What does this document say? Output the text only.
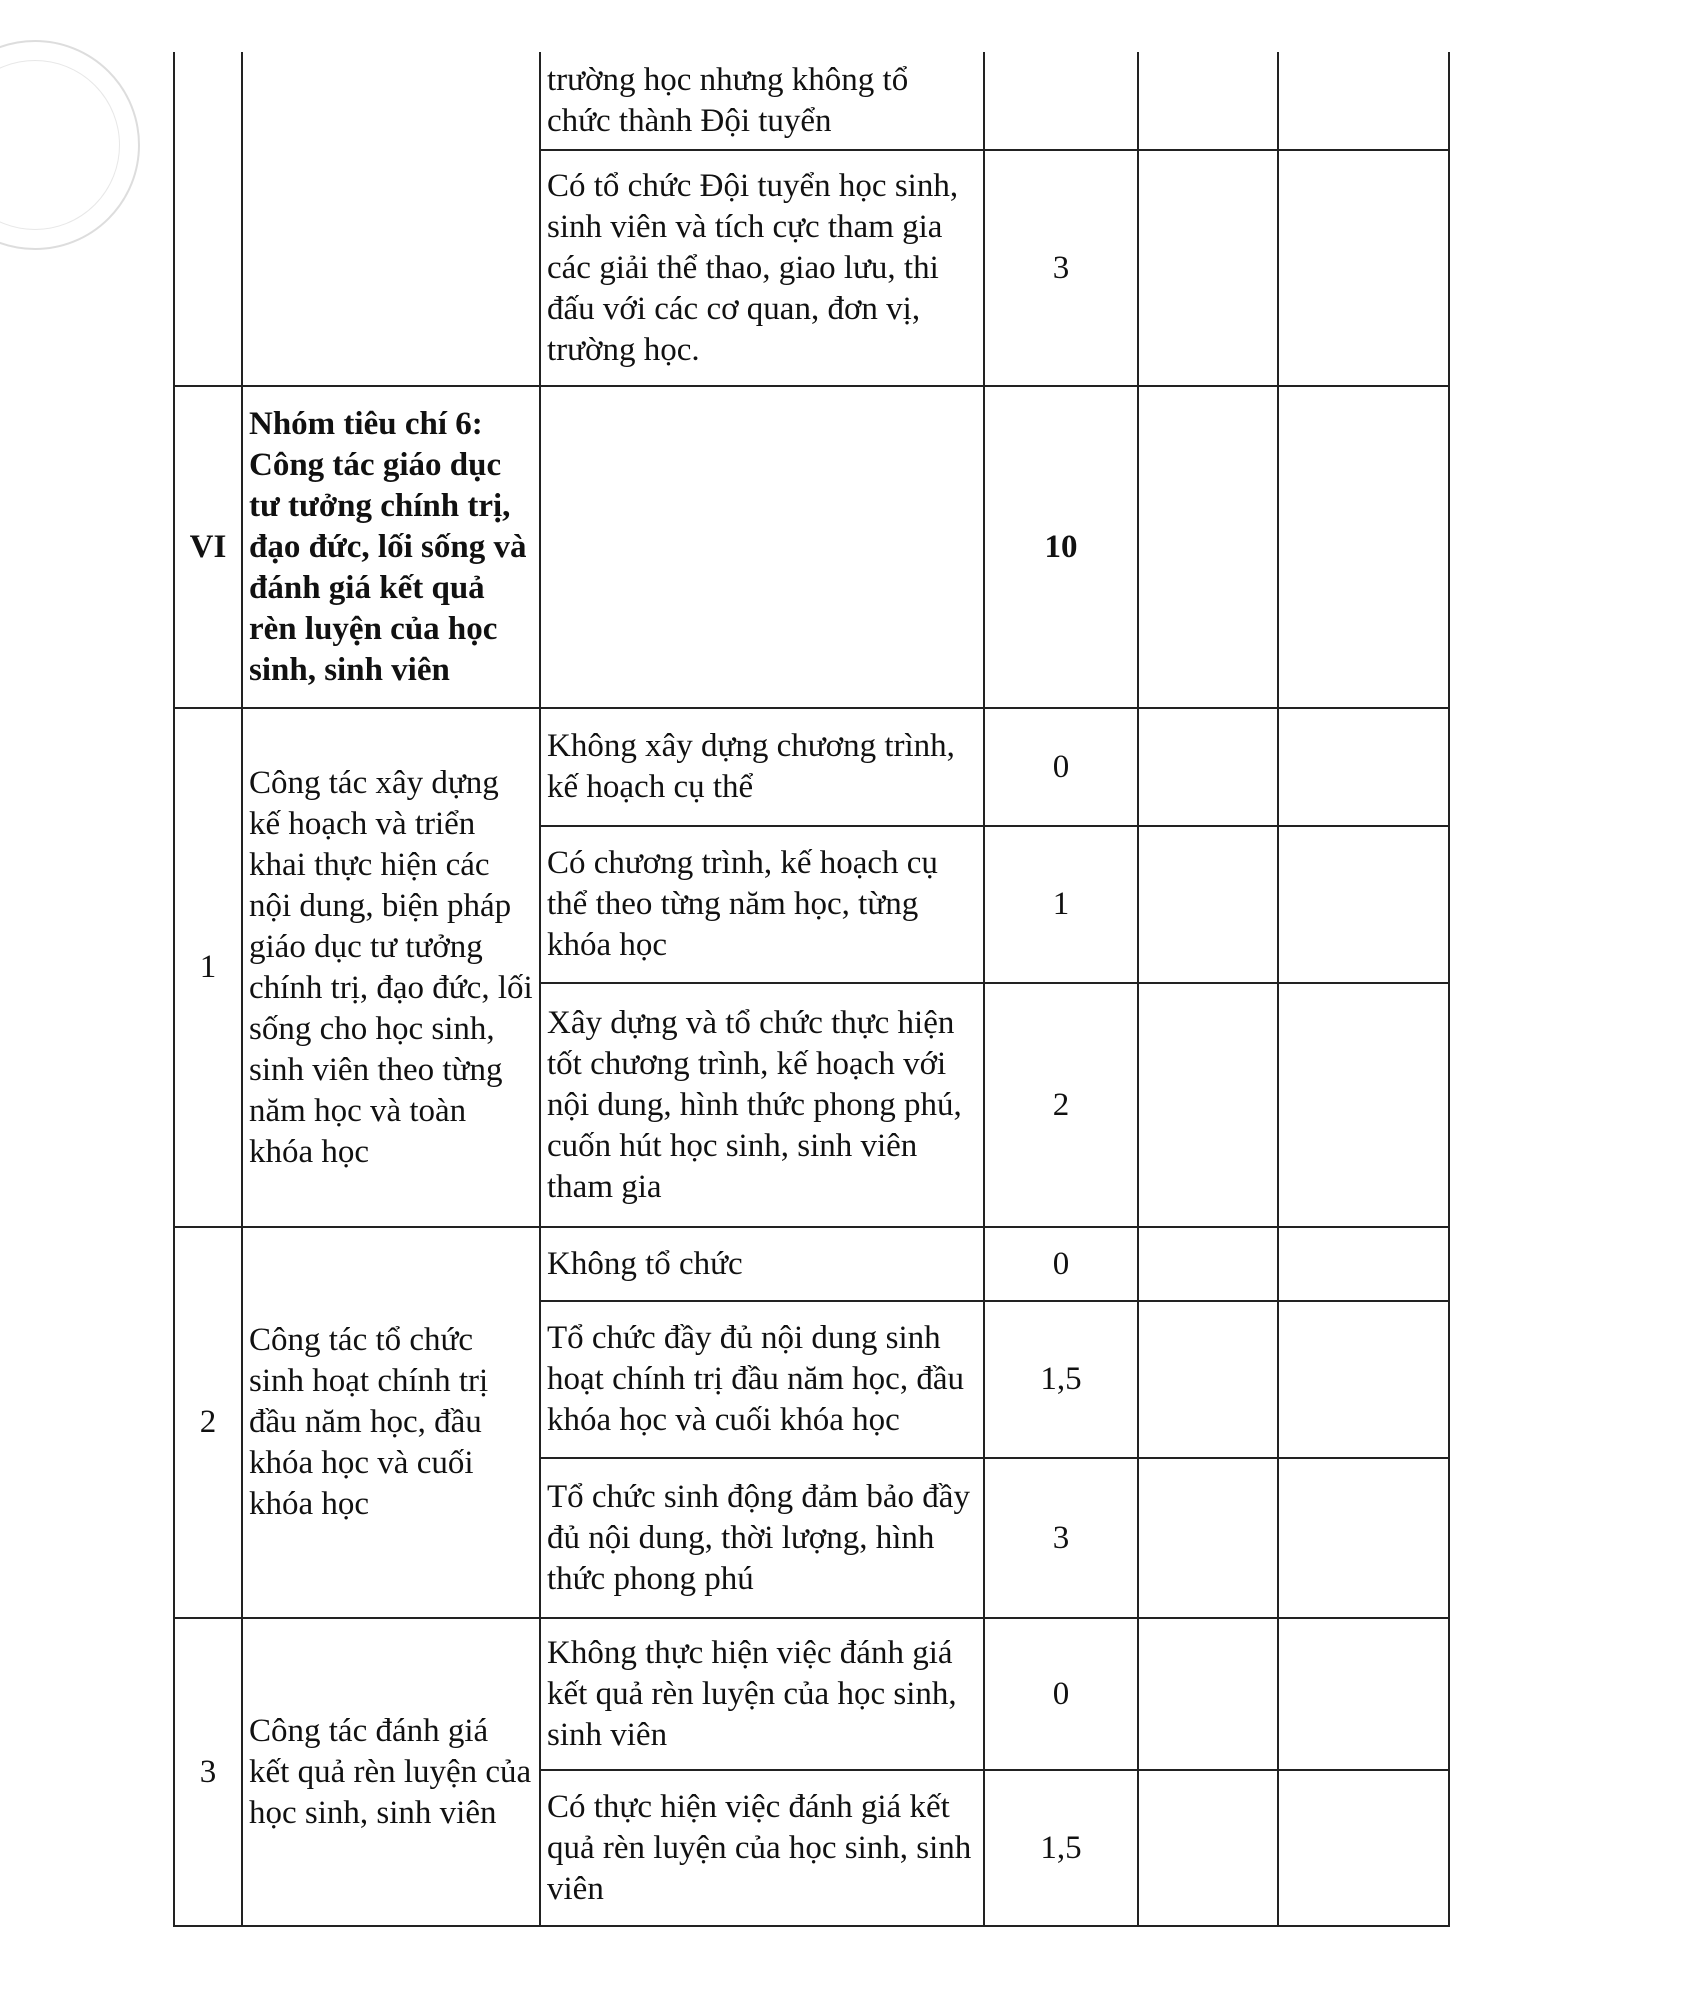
		trường học nhưng không tổ chức thành Đội tuyển			
		Có tổ chức Đội tuyển học sinh, sinh viên và tích cực tham gia các giải thể thao, giao lưu, thi đấu với các cơ quan, đơn vị, trường học.	3		
VI	Nhóm tiêu chí 6: Công tác giáo dục tư tưởng chính trị, đạo đức, lối sống và đánh giá kết quả rèn luyện của học sinh, sinh viên		10		
1	Công tác xây dựng kế hoạch và triển khai thực hiện các nội dung, biện pháp giáo dục tư tưởng chính trị, đạo đức, lối sống cho học sinh, sinh viên theo từng năm học và toàn khóa học	Không xây dựng chương trình, kế hoạch cụ thể	0		
		Có chương trình, kế hoạch cụ thể theo từng năm học, từng khóa học	1		
		Xây dựng và tổ chức thực hiện tốt chương trình, kế hoạch với nội dung, hình thức phong phú, cuốn hút học sinh, sinh viên tham gia	2		
2	Công tác tổ chức sinh hoạt chính trị đầu năm học, đầu khóa học và cuối khóa học	Không tổ chức	0		
		Tổ chức đầy đủ nội dung sinh hoạt chính trị đầu năm học, đầu khóa học và cuối khóa học	1,5		
		Tổ chức sinh động đảm bảo đầy đủ nội dung, thời lượng, hình thức phong phú	3		
3	Công tác đánh giá kết quả rèn luyện của học sinh, sinh viên	Không thực hiện việc đánh giá kết quả rèn luyện của học sinh, sinh viên	0		
		Có thực hiện việc đánh giá kết quả rèn luyện của học sinh, sinh viên	1,5		
